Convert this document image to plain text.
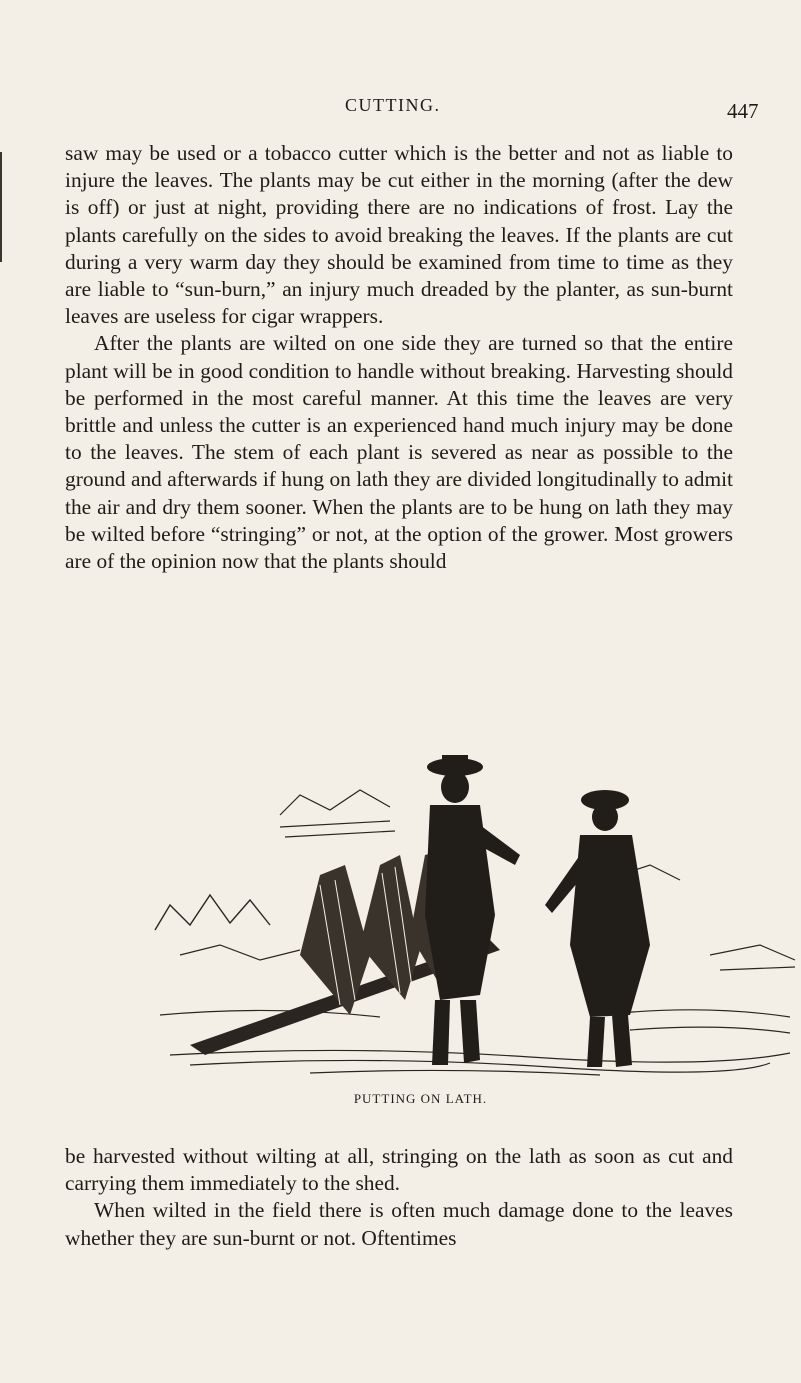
CUTTING.	447

saw may be used or a tobacco cutter which is the better and not as liable to injure the leaves. The plants may be cut either in the morning (after the dew is off) or just at night, providing there are no indications of frost. Lay the plants carefully on the sides to avoid breaking the leaves. If the plants are cut during a very warm day they should be examined from time to time as they are liable to “sun-burn,” an injury much dreaded by the planter, as sun-burnt leaves are useless for cigar wrappers.

After the plants are wilted on one side they are turned so that the entire plant will be in good condition to handle without breaking. Harvesting should be performed in the most careful manner. At this time the leaves are very brittle and unless the cutter is an experienced hand much injury may be done to the leaves. The stem of each plant is severed as near as possible to the ground and afterwards if hung on lath they are divided longitudinally to admit the air and dry them sooner. When the plants are to be hung on lath they may be wilted before “stringing” or not, at the option of the grower. Most growers are of the opinion now that the plants should

PUTTING ON LATH.

be harvested without wilting at all, stringing on the lath as soon as cut and carrying them immediately to the shed.

When wilted in the field there is often much damage done to the leaves whether they are sun-burnt or not. Oftentimes
